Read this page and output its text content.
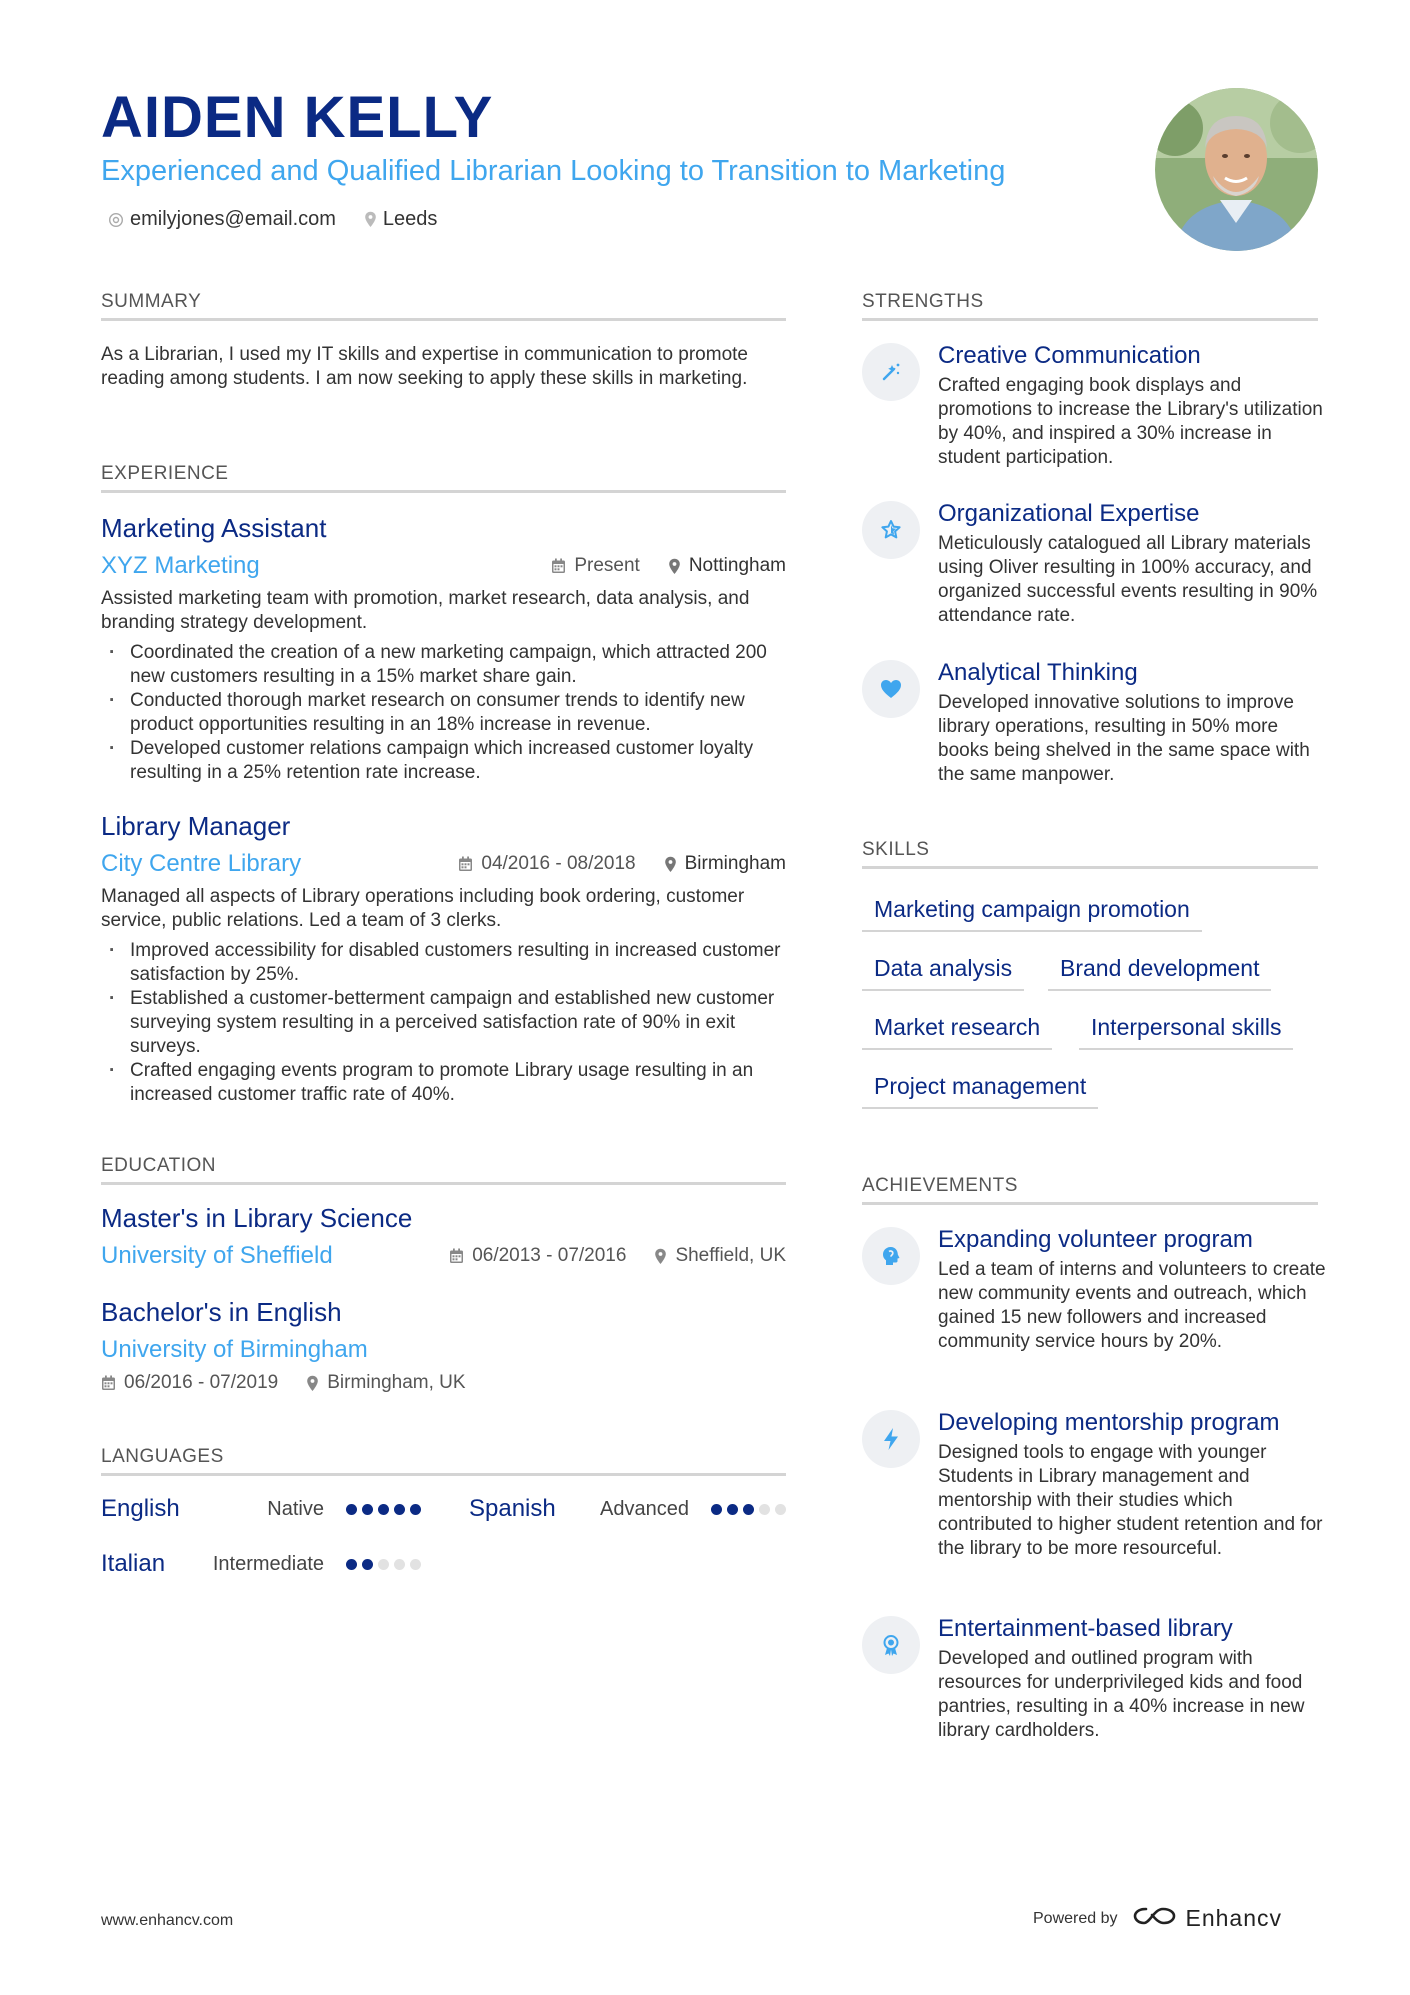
AIDEN KELLY
Experienced and Qualified Librarian Looking to Transition to Marketing
emilyjones@email.com Leeds
SUMMARY
As a Librarian, I used my IT skills and expertise in communication to promote reading among students. I am now seeking to apply these skills in marketing.
EXPERIENCE
Marketing Assistant
XYZ Marketing	Present	Nottingham
Assisted marketing team with promotion, market research, data analysis, and branding strategy development.
· Coordinated the creation of a new marketing campaign, which attracted 200 new customers resulting in a 15% market share gain.
· Conducted thorough market research on consumer trends to identify new product opportunities resulting in an 18% increase in revenue.
· Developed customer relations campaign which increased customer loyalty resulting in a 25% retention rate increase.
Library Manager
City Centre Library	04/2016 - 08/2018	Birmingham
Managed all aspects of Library operations including book ordering, customer service, public relations. Led a team of 3 clerks.
· Improved accessibility for disabled customers resulting in increased customer satisfaction by 25%.
· Established a customer-betterment campaign and established new customer surveying system resulting in a perceived satisfaction rate of 90% in exit surveys.
· Crafted engaging events program to promote Library usage resulting in an increased customer traffic rate of 40%.
EDUCATION
Master's in Library Science
University of Sheffield	06/2013 - 07/2016	Sheffield, UK
Bachelor's in English
University of Birmingham
06/2016 - 07/2019	Birmingham, UK
LANGUAGES
English	Native	Spanish Advanced
Italian Intermediate
STRENGTHS
Creative Communication
Crafted engaging book displays and promotions to increase the Library's utilization by 40%, and inspired a 30% increase in student participation.
Organizational Expertise
Meticulously catalogued all Library materials using Oliver resulting in 100% accuracy, and organized successful events resulting in 90% attendance rate.
Analytical Thinking
Developed innovative solutions to improve library operations, resulting in 50% more books being shelved in the same space with the same manpower.
SKILLS
Marketing campaign promotion
Data analysis	Brand development
Market research	Interpersonal skills
Project management
ACHIEVEMENTS
Expanding volunteer program
Led a team of interns and volunteers to create new community events and outreach, which gained 15 new followers and increased community service hours by 20%.
Developing mentorship program
Designed tools to engage with younger Students in Library management and mentorship with their studies which contributed to higher student retention and for the library to be more resourceful.
Entertainment-based library
Developed and outlined program with resources for underprivileged kids and food pantries, resulting in a 40% increase in new library cardholders.
www.enhancv.com	Powered by	Enhancv
